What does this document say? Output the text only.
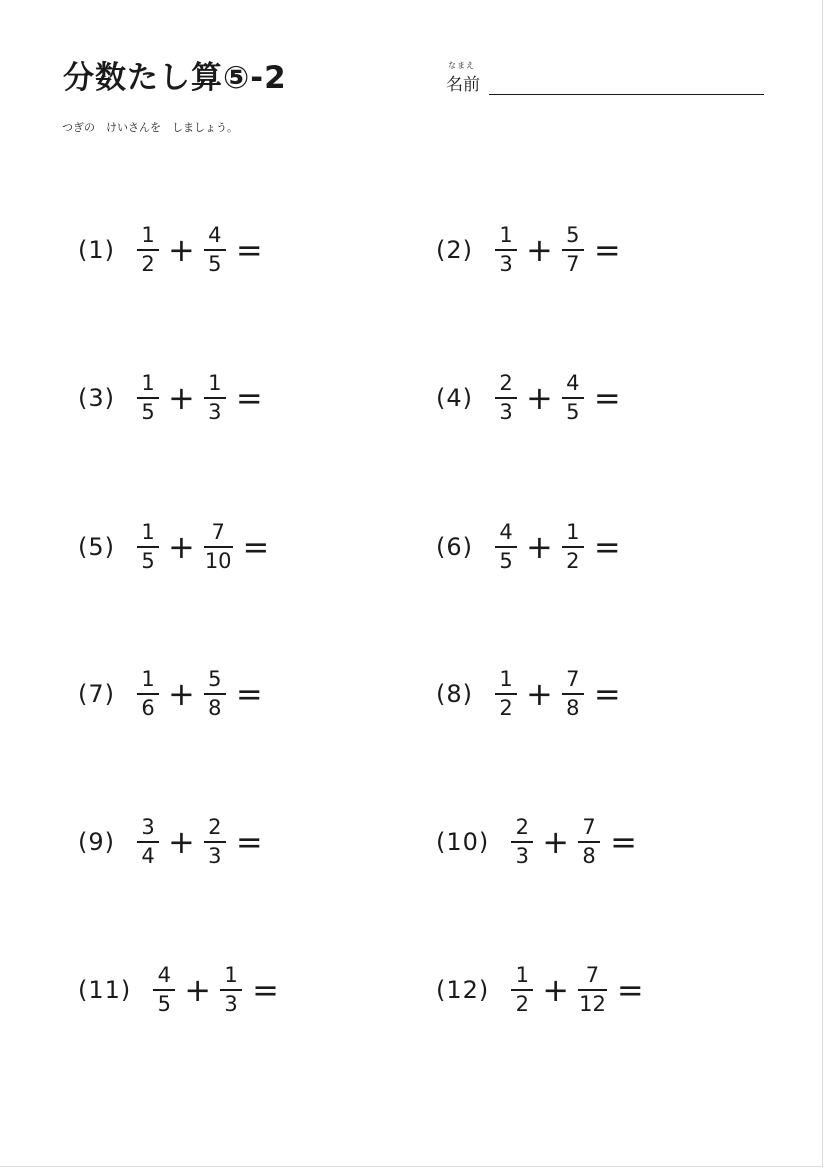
分数たし算⑤-2	なまえ
名前
つぎの　けいさんを　しましょう。
$(1) \frac{1}{2} + \frac{4}{5}$ =	$(2) \frac{1}{3} + \frac{5}{7}$ =
$(3) \frac{1}{5} + \frac{1}{3}$ =	$(4) \frac{2}{3} + \frac{4}{5}$ =
$(5) \frac{1}{5} + \frac{7}{10}$ =	$(6) \frac{4}{5} + \frac{1}{2}$ =
$(7) \frac{1}{6} + \frac{5}{8}$ =	$(8) \frac{1}{2} + \frac{7}{8}$ =
$(9) \frac{3}{4} + \frac{2}{3}$ =	$(10) \frac{2}{3} + \frac{7}{8}$ =
$(11) \frac{4}{5} + \frac{1}{3}$ =	$(12) \frac{1}{2} + \frac{7}{12}$ =
